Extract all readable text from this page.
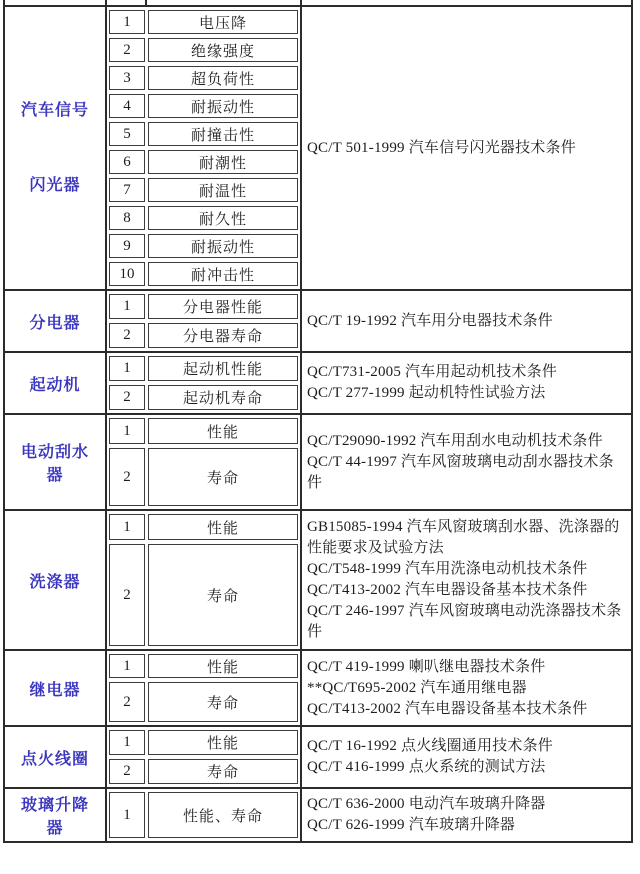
汽车信号闪光器
1	电压降
2	绝缘强度
3	超负荷性
4	耐振动性
5	耐撞击性
6	耐潮性
7	耐温性
8	耐久性
9	耐振动性
10	耐冲击性
QC/T 501-1999 汽车信号闪光器技术条件
分电器
1	分电器性能
2	分电器寿命
QC/T 19-1992 汽车用分电器技术条件
起动机
1	起动机性能
2	起动机寿命
QC/T731-2005 汽车用起动机技术条件
QC/T 277-1999 起动机特性试验方法
电动刮水器
1	性能
2	寿命
QC/T29090-1992 汽车用刮水电动机技术条件
QC/T 44-1997 汽车风窗玻璃电动刮水器技术条件
洗涤器
1	性能
2	寿命
GB15085-1994 汽车风窗玻璃刮水器、洗涤器的性能要求及试验方法
QC/T548-1999 汽车用洗涤电动机技术条件
QC/T413-2002 汽车电器设备基本技术条件
QC/T 246-1997 汽车风窗玻璃电动洗涤器技术条件
继电器
1	性能
2	寿命
QC/T 419-1999 喇叭继电器技术条件
**QC/T695-2002 汽车通用继电器
QC/T413-2002 汽车电器设备基本技术条件
点火线圈
1	性能
2	寿命
QC/T 16-1992 点火线圈通用技术条件
QC/T 416-1999 点火系统的测试方法
玻璃升降器
1	性能、寿命
QC/T 636-2000 电动汽车玻璃升降器
QC/T 626-1999 汽车玻璃升降器
